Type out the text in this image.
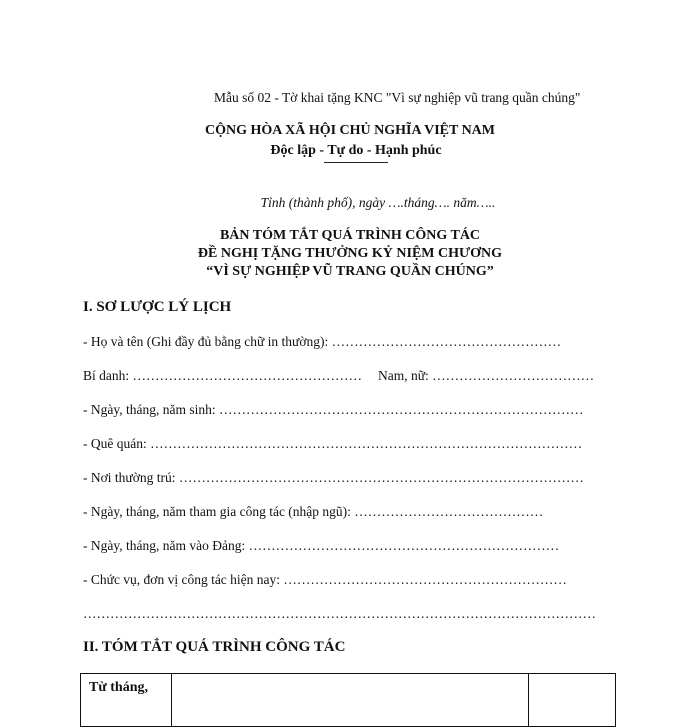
Mẫu số 02 - Tờ khai tặng KNC "Vì sự nghiệp vũ trang quần chúng"
CỘNG HÒA XÃ HỘI CHỦ NGHĨA VIỆT NAM
Độc lập - Tự do - Hạnh phúc
Tỉnh (thành phố), ngày ….tháng…. năm…..
BẢN TÓM TẮT QUÁ TRÌNH CÔNG TÁC
ĐỀ NGHỊ TẶNG THƯỞNG KỶ NIỆM CHƯƠNG
“VÌ SỰ NGHIỆP VŨ TRANG QUẦN CHÚNG”
I. SƠ LƯỢC LÝ LỊCH
- Họ và tên (Ghi đầy đủ bằng chữ in thường): ……………………………………………
Bí danh: …………………………………………… Nam, nữ: ………………………………
- Ngày, tháng, năm sinh: ………………………………………………………………………
- Quê quán: ……………………………………………………………………………………
- Nơi thường trú: ………………………………………………………………………………
- Ngày, tháng, năm tham gia công tác (nhập ngũ): ……………………………………
- Ngày, tháng, năm vào Đảng: ……………………………………………………………
- Chức vụ, đơn vị công tác hiện nay: ………………………………………………………
……………………………………………………………………………………………………
II. TÓM TẮT QUÁ TRÌNH CÔNG TÁC
Từ tháng,		
